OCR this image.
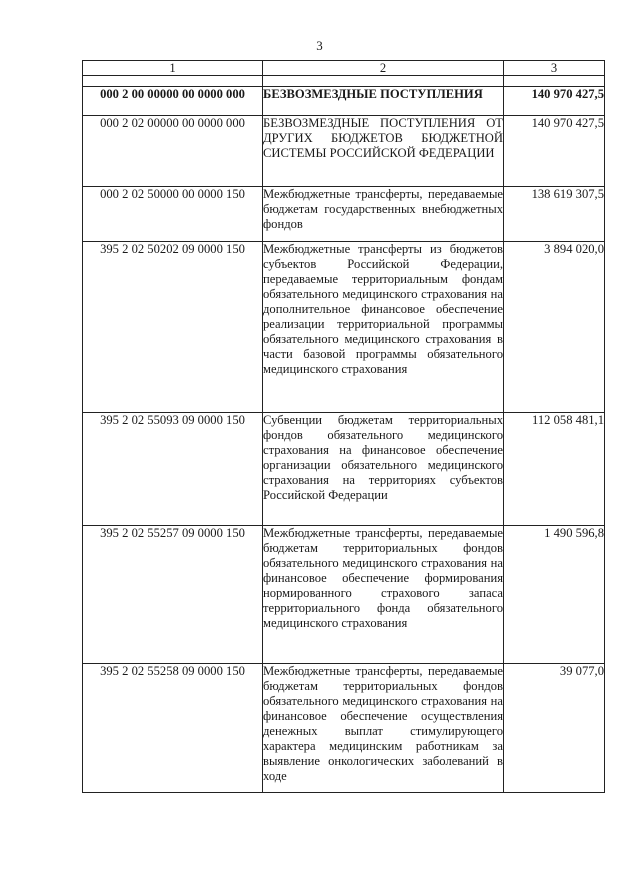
3
1	2	3

000 2 00 00000 00 0000 000	БЕЗВОЗМЕЗДНЫЕ ПОСТУПЛЕНИЯ	140 970 427,5
000 2 02 00000 00 0000 000	БЕЗВОЗМЕЗДНЫЕ ПОСТУПЛЕНИЯ ОТ ДРУГИХ БЮДЖЕТОВ БЮДЖЕТНОЙ СИСТЕМЫ РОССИЙСКОЙ ФЕДЕРАЦИИ	140 970 427,5
000 2 02 50000 00 0000 150	Межбюджетные трансферты, передаваемые бюджетам государственных внебюджетных фондов	138 619 307,5
395 2 02 50202 09 0000 150	Межбюджетные трансферты из бюджетов субъектов Российской Федерации, передаваемые территориальным фондам обязательного медицинского страхования на дополнительное финансовое обеспечение реализации территориальной программы обязательного медицинского страхования в части базовой программы обязательного медицинского страхования	3 894 020,0
395 2 02 55093 09 0000 150	Субвенции бюджетам территориальных фондов обязательного медицинского страхования на финансовое обеспечение организации обязательного медицинского страхования на территориях субъектов Российской Федерации	112 058 481,1
395 2 02 55257 09 0000 150	Межбюджетные трансферты, передаваемые бюджетам территориальных фондов обязательного медицинского страхования на финансовое обеспечение формирования нормированного страхового запаса территориального фонда обязательного медицинского страхования	1 490 596,8
395 2 02 55258 09 0000 150	Межбюджетные трансферты, передаваемые бюджетам территориальных фондов обязательного медицинского страхования на финансовое обеспечение осуществления денежных выплат стимулирующего характера медицинским работникам за выявление онкологических заболеваний в ходе	39 077,0
